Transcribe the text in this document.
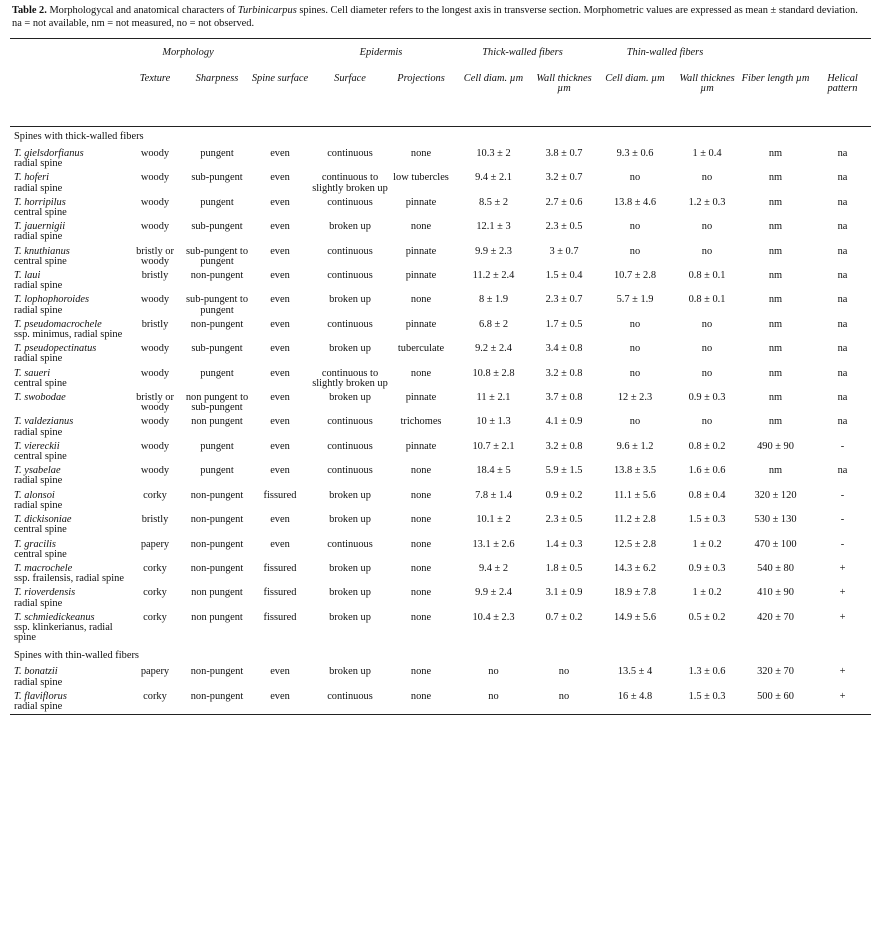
Table 2. Morphologycal and anatomical characters of Turbinicarpus spines. Cell diameter refers to the longest axis in transverse section. Morphometric values are expressed as mean ± standard deviation. na = not available, nm = not measured, no = not observed.
	Morphology			Epidermis		Thick-walled fibers		Thin-walled fibers			
	Texture	Sharpness	Spine surface	Surface	Projections	Cell diam. µm	Wall thicknes µm	Cell diam. µm	Wall thicknes µm	Fiber length µm	Helical pattern
Spines with thick-walled fibers											
T. gielsdorfianus
radial spine	woody	pungent	even	continuous	none	10.3 ± 2	3.8 ± 0.7	9.3 ± 0.6	1 ± 0.4	nm	na
T. hoferi
radial spine	woody	sub-pungent	even	continuous to slightly broken up	low tubercles	9.4 ± 2.1	3.2 ± 0.7	no	no	nm	na
T. horripilus
central spine	woody	pungent	even	continuous	pinnate	8.5 ± 2	2.7 ± 0.6	13.8 ± 4.6	1.2 ± 0.3	nm	na
T. jauernigii
radial spine	woody	sub-pungent	even	broken up	none	12.1 ± 3	2.3 ± 0.5	no	no	nm	na
T. knuthianus
central spine	bristly or woody	sub-pungent to pungent	even	continuous	pinnate	9.9 ± 2.3	3 ± 0.7	no	no	nm	na
T. laui
radial spine	bristly	non-pungent	even	continuous	pinnate	11.2 ± 2.4	1.5 ± 0.4	10.7 ± 2.8	0.8 ± 0.1	nm	na
T. lophophoroides
radial spine	woody	sub-pungent to pungent	even	broken up	none	8 ± 1.9	2.3 ± 0.7	5.7 ± 1.9	0.8 ± 0.1	nm	na
T. pseudomacrochele
ssp. minimus, radial spine	bristly	non-pungent	even	continuous	pinnate	6.8 ± 2	1.7 ± 0.5	no	no	nm	na
T. pseudopectinatus
radial spine	woody	sub-pungent	even	broken up	tuberculate	9.2 ± 2.4	3.4 ± 0.8	no	no	nm	na
T. saueri
central spine	woody	pungent	even	continuous to slightly broken up	none	10.8 ± 2.8	3.2 ± 0.8	no	no	nm	na
T. swobodae	bristly or woody	non pungent to sub-pungent	even	broken up	pinnate	11 ± 2.1	3.7 ± 0.8	12 ± 2.3	0.9 ± 0.3	nm	na
T. valdezianus
radial spine	woody	non pungent	even	continuous	trichomes	10 ± 1.3	4.1 ± 0.9	no	no	nm	na
T. viereckii
central spine	woody	pungent	even	continuous	pinnate	10.7 ± 2.1	3.2 ± 0.8	9.6 ± 1.2	0.8 ± 0.2	490 ± 90	-
T. ysabelae
radial spine	woody	pungent	even	continuous	none	18.4 ± 5	5.9 ± 1.5	13.8 ± 3.5	1.6 ± 0.6	nm	na
T. alonsoi
radial spine	corky	non-pungent	fissured	broken up	none	7.8 ± 1.4	0.9 ± 0.2	11.1 ± 5.6	0.8 ± 0.4	320 ± 120	-
T. dickisoniae
central spine	bristly	non-pungent	even	broken up	none	10.1 ± 2	2.3 ± 0.5	11.2 ± 2.8	1.5 ± 0.3	530 ± 130	-
T. gracilis
central spine	papery	non-pungent	even	continuous	none	13.1 ± 2.6	1.4 ± 0.3	12.5 ± 2.8	1 ± 0.2	470 ± 100	-
T. macrochele
ssp. frailensis, radial spine	corky	non-pungent	fissured	broken up	none	9.4 ± 2	1.8 ± 0.5	14.3 ± 6.2	0.9 ± 0.3	540 ± 80	+
T. rioverdensis
radial spine	corky	non pungent	fissured	broken up	none	9.9 ± 2.4	3.1 ± 0.9	18.9 ± 7.8	1 ± 0.2	410 ± 90	+
T. schmiedickeanus
ssp. klinkerianus, radial spine	corky	non pungent	fissured	broken up	none	10.4 ± 2.3	0.7 ± 0.2	14.9 ± 5.6	0.5 ± 0.2	420 ± 70	+
Spines with thin-walled fibers											
T. bonatzii
radial spine	papery	non-pungent	even	broken up	none	no	no	13.5 ± 4	1.3 ± 0.6	320 ± 70	+
T. flaviflorus
radial spine	corky	non-pungent	even	continuous	none	no	no	16 ± 4.8	1.5 ± 0.3	500 ± 60	+
